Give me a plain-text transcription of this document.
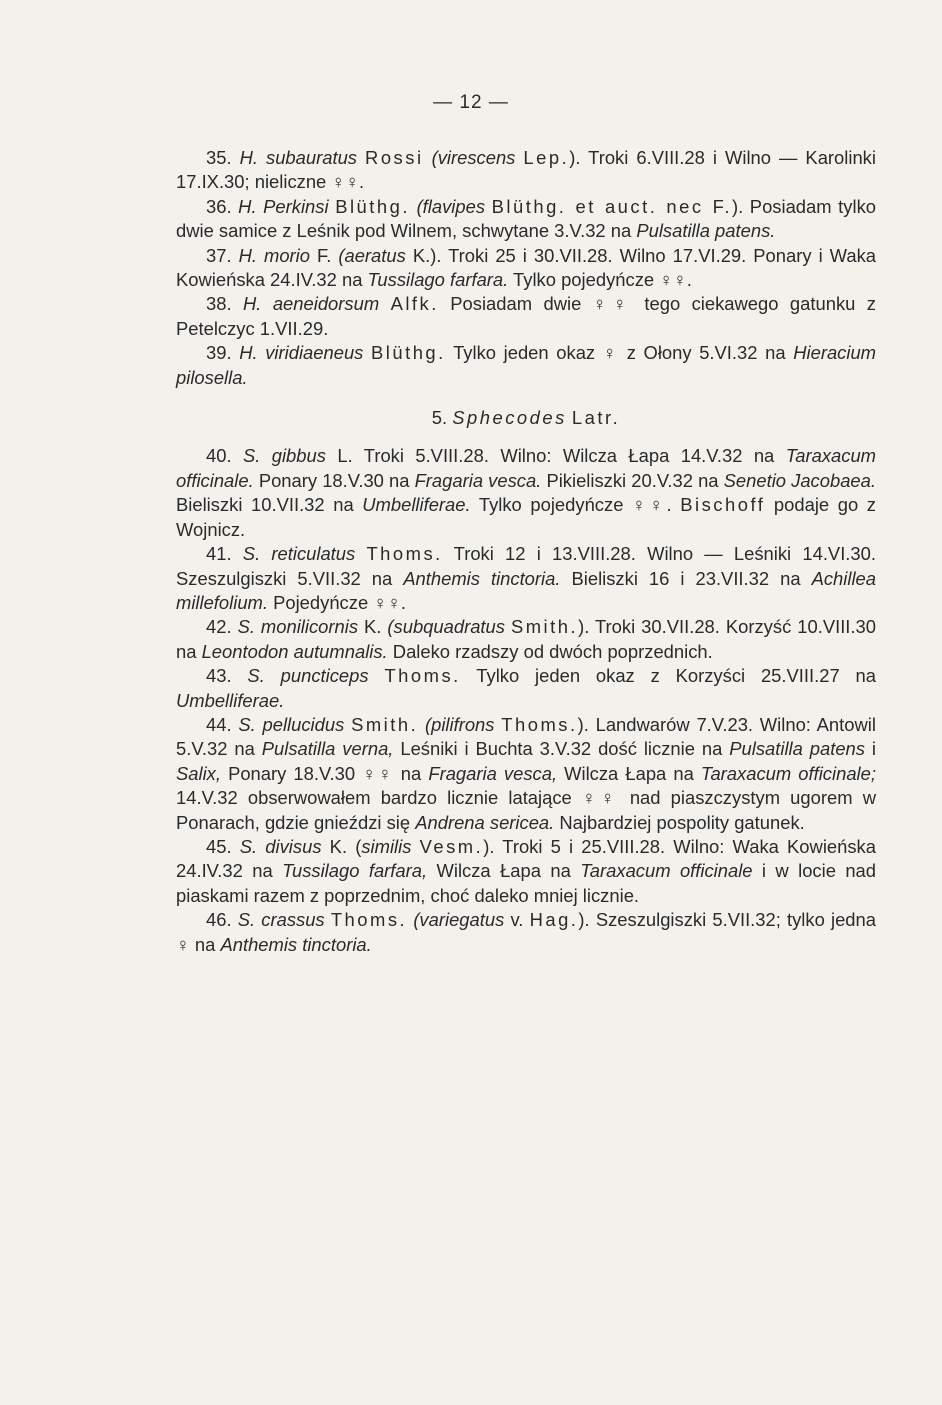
— 12 —

35. H. subauratus Rossi (virescens Lep.). Troki 6.VIII.28 i Wilno — Karolinki 17.IX.30; nieliczne ♀♀.

36. H. Perkinsi Blüthg. (flavipes Blüthg. et auct. nec F.). Posiadam tylko dwie samice z Leśnik pod Wilnem, schwytane 3.V.32 na Pulsatilla patens.

37. H. morio F. (aeratus K.). Troki 25 i 30.VII.28. Wilno 17.VI.29. Ponary i Waka Kowieńska 24.IV.32 na Tussilago farfara. Tylko pojedyńcze ♀♀.

38. H. aeneidorsum Alfk. Posiadam dwie ♀♀ tego ciekawego gatunku z Petelczyc 1.VII.29.

39. H. viridiaeneus Blüthg. Tylko jeden okaz ♀ z Ołony 5.VI.32 na Hieracium pilosella.

5. Sphecodes Latr.

40. S. gibbus L. Troki 5.VIII.28. Wilno: Wilcza Łapa 14.V.32 na Taraxacum officinale. Ponary 18.V.30 na Fragaria vesca. Pikieliszki 20.V.32 na Senetio Jacobaea. Bieliszki 10.VII.32 na Umbelliferae. Tylko pojedyńcze ♀♀. Bischoff podaje go z Wojnicz.

41. S. reticulatus Thoms. Troki 12 i 13.VIII.28. Wilno — Leśniki 14.VI.30. Szeszulgiszki 5.VII.32 na Anthemis tinctoria. Bieliszki 16 i 23.VII.32 na Achillea millefolium. Pojedyńcze ♀♀.

42. S. monilicornis K. (subquadratus Smith.). Troki 30.VII.28. Korzyść 10.VIII.30 na Leontodon autumnalis. Daleko rzadszy od dwóch poprzednich.

43. S. puncticeps Thoms. Tylko jeden okaz z Korzyści 25.VIII.27 na Umbelliferae.

44. S. pellucidus Smith. (pilifrons Thoms.). Landwarów 7.V.23. Wilno: Antowil 5.V.32 na Pulsatilla verna, Leśniki i Buchta 3.V.32 dość licznie na Pulsatilla patens i Salix, Ponary 18.V.30 ♀♀ na Fragaria vesca, Wilcza Łapa na Taraxacum officinale; 14.V.32 obserwowałem bardzo licznie latające ♀♀ nad piaszczystym ugorem w Ponarach, gdzie gnieździ się Andrena sericea. Najbardziej pospolity gatunek.

45. S. divisus K. (similis Vesm.). Troki 5 i 25.VIII.28. Wilno: Waka Kowieńska 24.IV.32 na Tussilago farfara, Wilcza Łapa na Taraxacum officinale i w locie nad piaskami razem z poprzednim, choć daleko mniej licznie.

46. S. crassus Thoms. (variegatus v. Hag.). Szeszulgiszki 5.VII.32; tylko jedna ♀ na Anthemis tinctoria.
